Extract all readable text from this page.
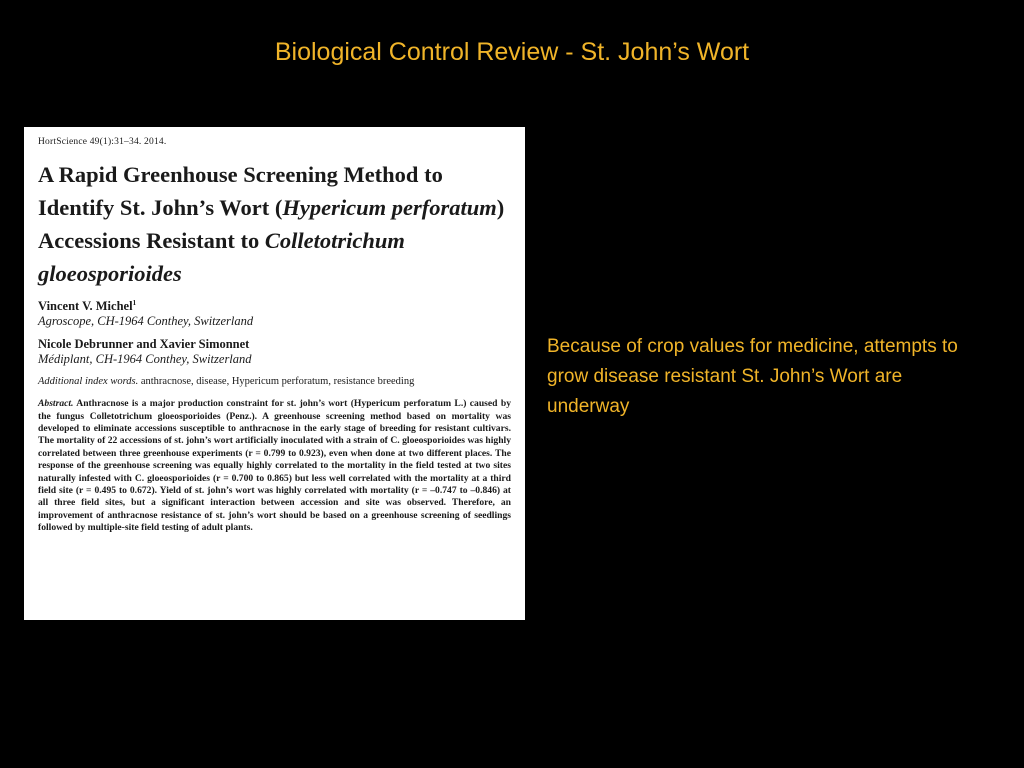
Biological Control Review - St. John’s Wort
HortScience 49(1):31–34. 2014.
A Rapid Greenhouse Screening Method to Identify St. John’s Wort (Hypericum perforatum) Accessions Resistant to Colletotrichum gloeosporioides
Vincent V. Michel$^1$
Agroscope, CH-1964 Conthey, Switzerland
Nicole Debrunner and Xavier Simonnet
Médiplant, CH-1964 Conthey, Switzerland
Additional index words. anthracnose, disease, Hypericum perforatum, resistance breeding
Abstract. Anthracnose is a major production constraint for st. john’s wort (Hypericum perforatum L.) caused by the fungus Colletotrichum gloeosporioides (Penz.). A greenhouse screening method based on mortality was developed to eliminate accessions susceptible to anthracnose in the early stage of breeding for resistant cultivars. The mortality of 22 accessions of st. john’s wort artificially inoculated with a strain of C. gloeosporioides was highly correlated between three greenhouse experiments (r = 0.799 to 0.923), even when done at two different places. The response of the greenhouse screening was equally highly correlated to the mortality in the field tested at two sites naturally infested with C. gloeosporioides (r = 0.700 to 0.865) but less well correlated with the mortality at a third field site (r = 0.495 to 0.672). Yield of st. john’s wort was highly correlated with mortality (r = –0.747 to –0.846) at all three field sites, but a significant interaction between accession and site was observed. Therefore, an improvement of anthracnose resistance of st. john’s wort should be based on a greenhouse screening of seedlings followed by multiple-site field testing of adult plants.
Because of crop values for medicine, attempts to grow disease resistant St. John’s Wort are underway
